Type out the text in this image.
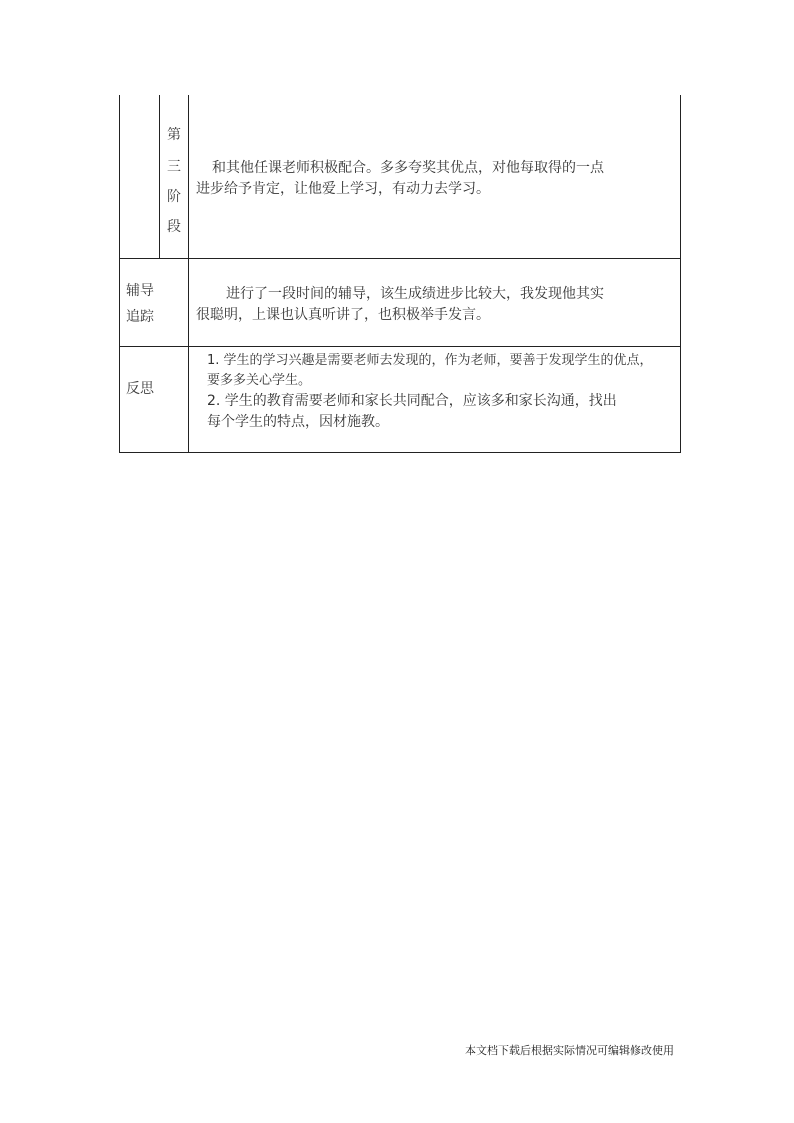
第
三
阶
段
和其他任课老师积极配合。多多夸奖其优点，对他每取得的一点
进步给予肯定，让他爱上学习，有动力去学习。
辅导
追踪
进行了一段时间的辅导，该生成绩进步比较大，我发现他其实
很聪明，上课也认真听讲了，也积极举手发言。
反思
1. 学生的学习兴趣是需要老师去发现的，作为老师，要善于发现学生的优点，
要多多关心学生。
2. 学生的教育需要老师和家长共同配合，应该多和家长沟通，找出
每个学生的特点，因材施教。
本文档下载后根据实际情况可编辑修改使用
